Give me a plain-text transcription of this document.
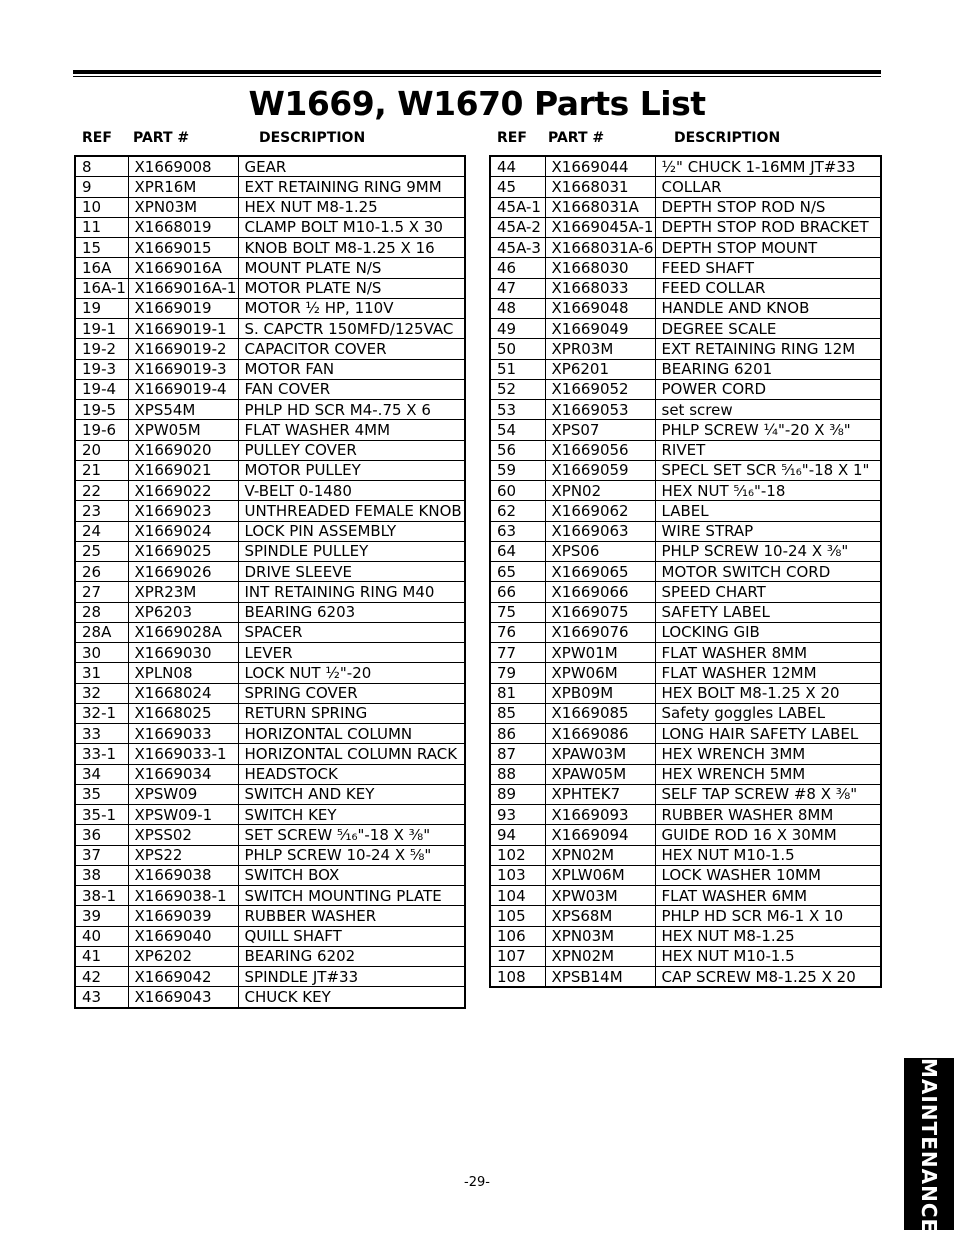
W1669, W1670 Parts List
REF PART #	DESCRIPTION	REF PART #	DESCRIPTION
8	X1669008	GEAR
9	XPR16M	EXT RETAINING RING 9MM
10	XPN03M	HEX NUT M8-1.25
11	X1668019	CLAMP BOLT M10-1.5 X 30
15	X1669015	KNOB BOLT M8-1.25 X 16
16A	X1669016A	MOUNT PLATE N/S
16A-1	X1669016A-1	MOTOR PLATE N/S
19	X1669019	MOTOR ½ HP, 110V
19-1	X1669019-1	S. CAPCTR 150MFD/125VAC
19-2	X1669019-2	CAPACITOR COVER
19-3	X1669019-3	MOTOR FAN
19-4	X1669019-4	FAN COVER
19-5	XPS54M	PHLP HD SCR M4-.75 X 6
19-6	XPW05M	FLAT WASHER 4MM
20	X1669020	PULLEY COVER
21	X1669021	MOTOR PULLEY
22	X1669022	V-BELT 0-1480
23	X1669023	UNTHREADED FEMALE KNOB
24	X1669024	LOCK PIN ASSEMBLY
25	X1669025	SPINDLE PULLEY
26	X1669026	DRIVE SLEEVE
27	XPR23M	INT RETAINING RING M40
28	XP6203	BEARING 6203
28A	X1669028A	SPACER
30	X1669030	LEVER
31	XPLN08	LOCK NUT ½"-20
32	X1668024	SPRING COVER
32-1	X1668025	RETURN SPRING
33	X1669033	HORIZONTAL COLUMN
33-1	X1669033-1	HORIZONTAL COLUMN RACK
34	X1669034	HEADSTOCK
35	XPSW09	SWITCH AND KEY
35-1	XPSW09-1	SWITCH KEY
36	XPSS02	SET SCREW ⁵⁄₁₆"-18 X ⅜"
37	XPS22	PHLP SCREW 10-24 X ⅝"
38	X1669038	SWITCH BOX
38-1	X1669038-1	SWITCH MOUNTING PLATE
39	X1669039	RUBBER WASHER
40	X1669040	QUILL SHAFT
41	XP6202	BEARING 6202
42	X1669042	SPINDLE JT#33
43	X1669043	CHUCK KEY
44	X1669044	½" CHUCK 1-16MM JT#33
45	X1668031	COLLAR
45A-1	X1668031A	DEPTH STOP ROD N/S
45A-2	X1669045A-1	DEPTH STOP ROD BRACKET
45A-3	X1668031A-6	DEPTH STOP MOUNT
46	X1668030	FEED SHAFT
47	X1668033	FEED COLLAR
48	X1669048	HANDLE AND KNOB
49	X1669049	DEGREE SCALE
50	XPR03M	EXT RETAINING RING 12M
51	XP6201	BEARING 6201
52	X1669052	POWER CORD
53	X1669053	set screw
54	XPS07	PHLP SCREW ¼"-20 X ⅜"
56	X1669056	RIVET
59	X1669059	SPECL SET SCR ⁵⁄₁₆"-18 X 1"
60	XPN02	HEX NUT ⁵⁄₁₆"-18
62	X1669062	LABEL
63	X1669063	WIRE STRAP
64	XPS06	PHLP SCREW 10-24 X ⅜"
65	X1669065	MOTOR SWITCH CORD
66	X1669066	SPEED CHART
75	X1669075	SAFETY LABEL
76	X1669076	LOCKING GIB
77	XPW01M	FLAT WASHER 8MM
79	XPW06M	FLAT WASHER 12MM
81	XPB09M	HEX BOLT M8-1.25 X 20
85	X1669085	Safety goggles LABEL
86	X1669086	LONG HAIR SAFETY LABEL
87	XPAW03M	HEX WRENCH 3MM
88	XPAW05M	HEX WRENCH 5MM
89	XPHTEK7	SELF TAP SCREW #8 X ⅜"
93	X1669093	RUBBER WASHER 8MM
94	X1669094	GUIDE ROD 16 X 30MM
102	XPN02M	HEX NUT M10-1.5
103	XPLW06M	LOCK WASHER 10MM
104	XPW03M	FLAT WASHER 6MM
105	XPS68M	PHLP HD SCR M6-1 X 10
106	XPN03M	HEX NUT M8-1.25
107	XPN02M	HEX NUT M10-1.5
108	XPSB14M	CAP SCREW M8-1.25 X 20
-29-	MAINTENANCE
